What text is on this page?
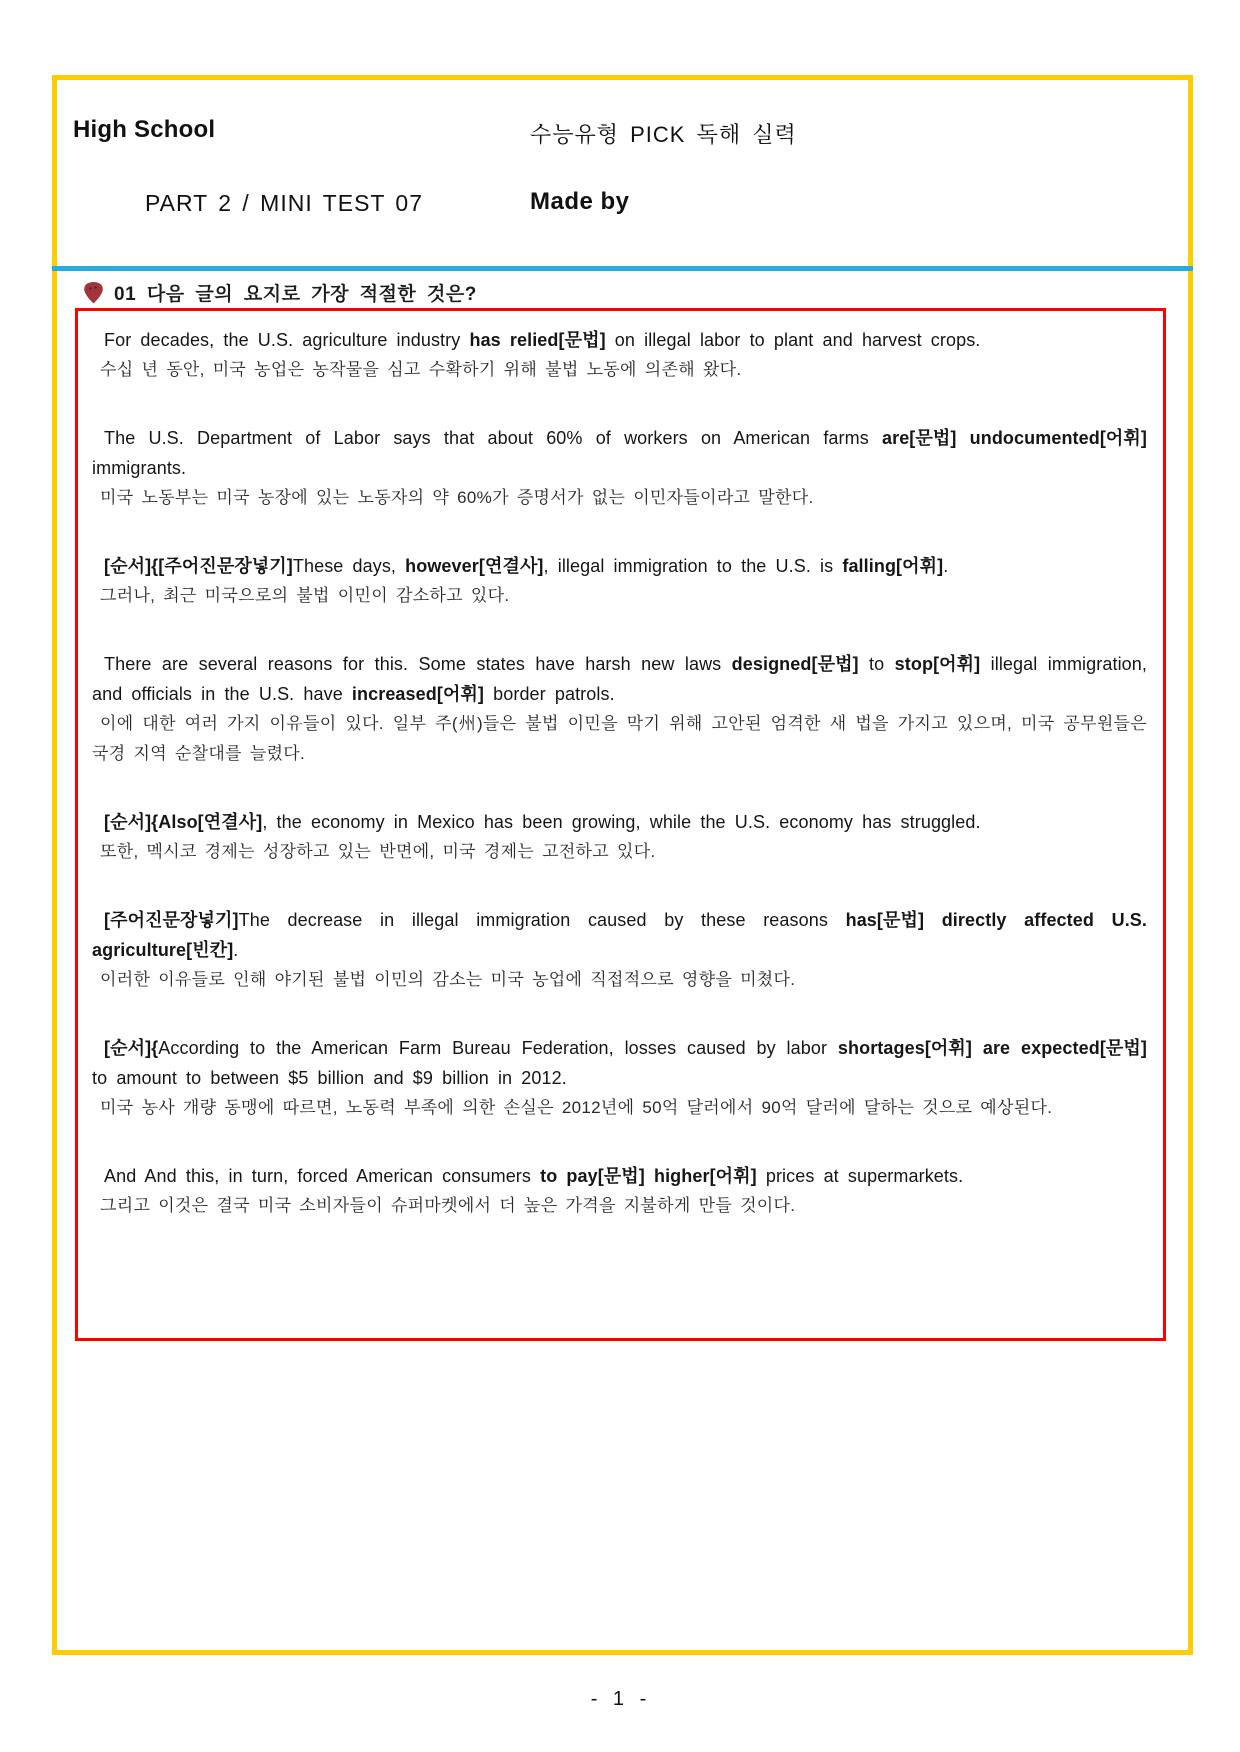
High School	수능유형 PICK 독해 실력
PART 2 / MINI TEST 07	Made by
01 다음 글의 요지로 가장 적절한 것은?

For decades, the U.S. agriculture industry has relied[문법] on illegal labor to plant and harvest crops.

수십 년 동안, 미국 농업은 농작물을 심고 수확하기 위해 불법 노동에 의존해 왔다.

The U.S. Department of Labor says that about 60% of workers on American farms are[문법] undocumented[어휘] immigrants.

미국 노동부는 미국 농장에 있는 노동자의 약 60%가 증명서가 없는 이민자들이라고 말한다.

[순서]{[주어진문장넣기]These days, however[연결사], illegal immigration to the U.S. is falling[어휘].

그러나, 최근 미국으로의 불법 이민이 감소하고 있다.

There are several reasons for this. Some states have harsh new laws designed[문법] to stop[어휘] illegal immigration, and officials in the U.S. have increased[어휘] border patrols.

이에 대한 여러 가지 이유들이 있다. 일부 주(州)들은 불법 이민을 막기 위해 고안된 엄격한 새 법을 가지고 있으며, 미국 공무원들은 국경 지역 순찰대를 늘렸다.

[순서]{Also[연결사], the economy in Mexico has been growing, while the U.S. economy has struggled.

또한, 멕시코 경제는 성장하고 있는 반면에, 미국 경제는 고전하고 있다.

[주어진문장넣기]The decrease in illegal immigration caused by these reasons has[문법] directly affected U.S. agriculture[빈칸].

이러한 이유들로 인해 야기된 불법 이민의 감소는 미국 농업에 직접적으로 영향을 미쳤다.

[순서]{According to the American Farm Bureau Federation, losses caused by labor shortages[어휘] are expected[문법] to amount to between $5 billion and $9 billion in 2012.

미국 농사 개량 동맹에 따르면, 노동력 부족에 의한 손실은 2012년에 50억 달러에서 90억 달러에 달하는 것으로 예상된다.

And And this, in turn, forced American consumers to pay[문법] higher[어휘] prices at supermarkets.

그리고 이것은 결국 미국 소비자들이 슈퍼마켓에서 더 높은 가격을 지불하게 만들 것이다.

- 1 -
